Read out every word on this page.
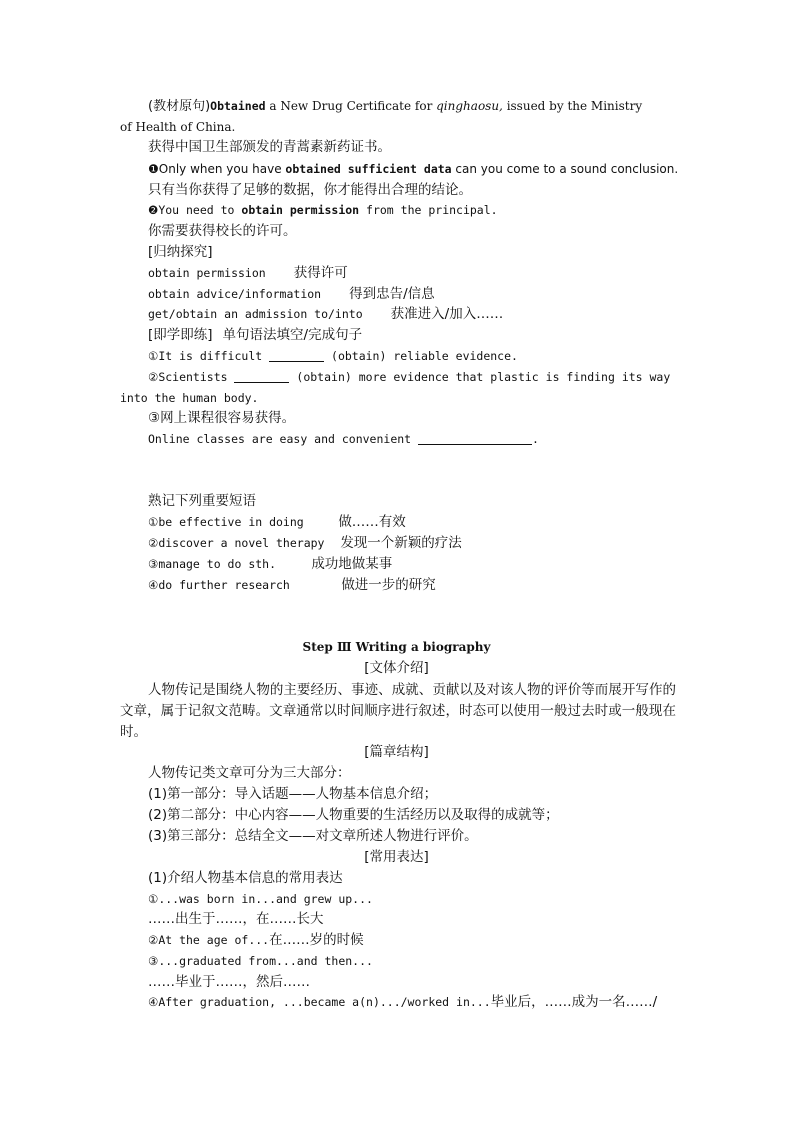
(教材原句)Obtained a New Drug Certificate for qinghaosu, issued by the Ministry
of Health of China.
获得中国卫生部颁发的青蒿素新药证书。
❶Only when you have obtained sufficient data can you come to a sound conclusion.
只有当你获得了足够的数据，你才能得出合理的结论。
❷You need to obtain permission from the principal.
你需要获得校长的许可。
[归纳探究]
obtain permission 获得许可
obtain advice/information 得到忠告/信息
get/obtain an admission to/into 获准进入/加入……
[即学即练] 单句语法填空/完成句子
①It is difficult	(obtain) reliable evidence.
②Scientists	(obtain) more evidence that plastic is finding its way
into the human body.
③网上课程很容易获得。
Online classes are easy and convenient	.
熟记下列重要短语
①be effective in doing	做……有效
②discover a novel therapy 发现一个新颖的疗法
③manage to do sth.	成功地做某事
④do further research	做进一步的研究
Step Ⅲ Writing a biography
[文体介绍]
人物传记是围绕人物的主要经历、事迹、成就、贡献以及对该人物的评价等而展开写作的文章，属于记叙文范畴。文章通常以时间顺序进行叙述，时态可以使用一般过去时或一般现在时。
[篇章结构]
人物传记类文章可分为三大部分：
(1)第一部分：导入话题——人物基本信息介绍；
(2)第二部分：中心内容——人物重要的生活经历以及取得的成就等；
(3)第三部分：总结全文——对文章所述人物进行评价。
[常用表达]
(1)介绍人物基本信息的常用表达
①...was born in...and grew up...
……出生于……，在……长大
②At the age of...在……岁的时候
③...graduated from...and then...
……毕业于……，然后……
④After graduation, ...became a(n).../worked in...毕业后，……成为一名……/
